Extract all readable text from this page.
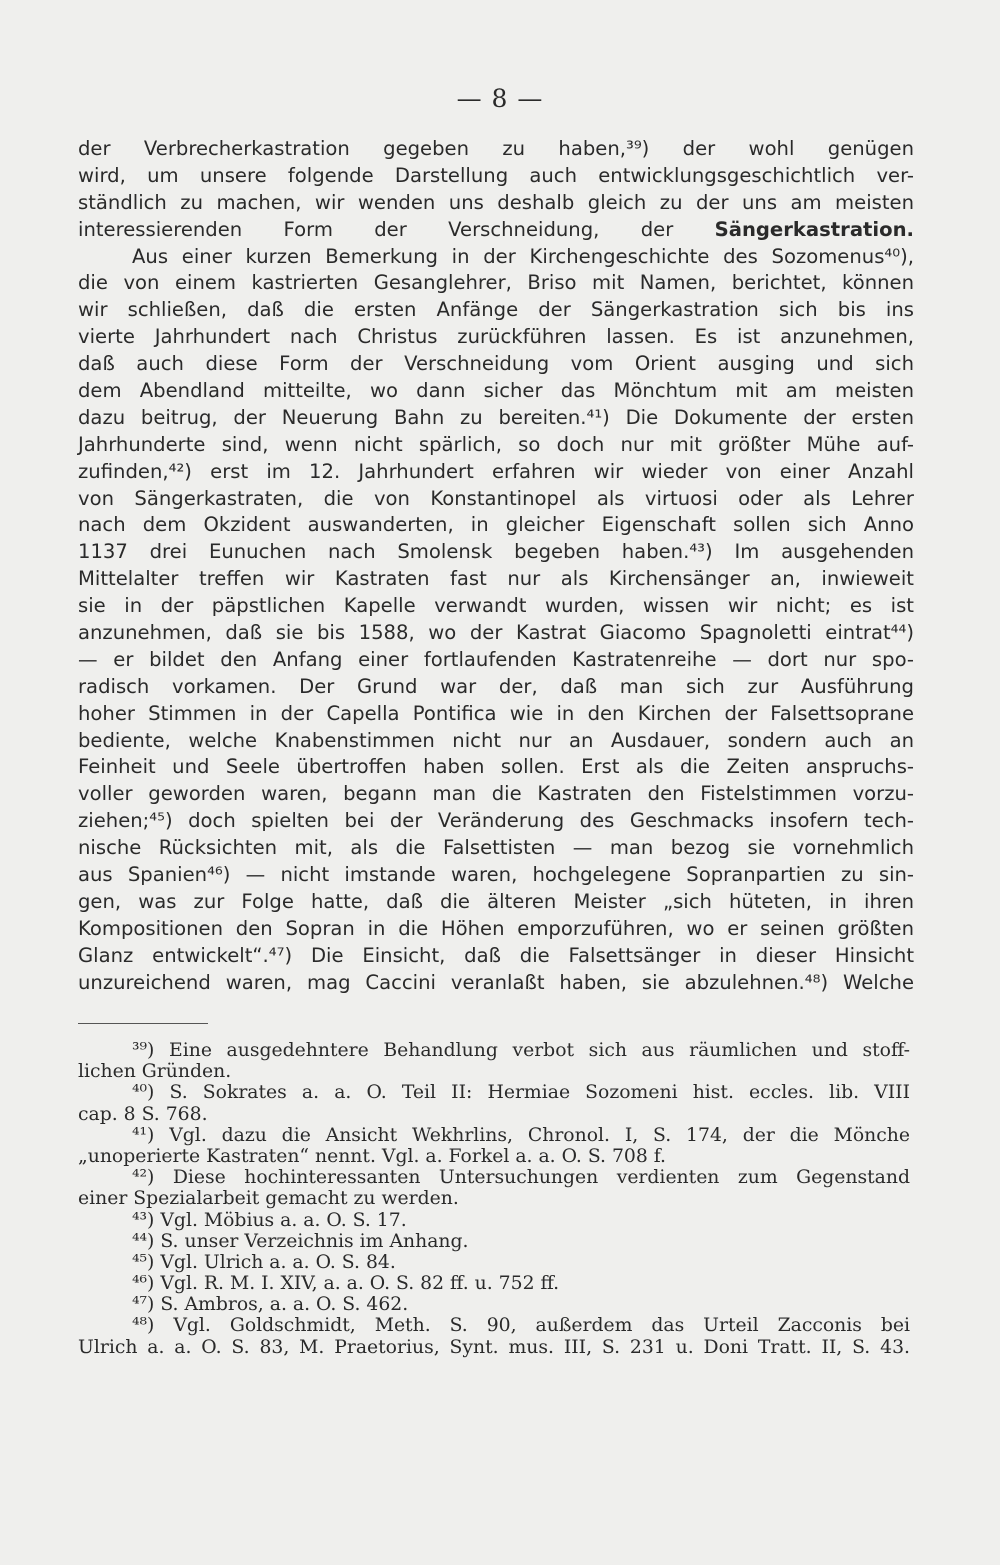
— 8 —
der Verbrecherkastration gegeben zu haben,³⁹) der wohl genügen
wird, um unsere folgende Darstellung auch entwicklungsgeschichtlich ver-
ständlich zu machen, wir wenden uns deshalb gleich zu der uns am meisten
interessierenden Form der Verschneidung, der Sängerkastration.
Aus einer kurzen Bemerkung in der Kirchengeschichte des Sozomenus⁴⁰),
die von einem kastrierten Gesanglehrer, Briso mit Namen, berichtet, können
wir schließen, daß die ersten Anfänge der Sängerkastration sich bis ins
vierte Jahrhundert nach Christus zurückführen lassen. Es ist anzunehmen,
daß auch diese Form der Verschneidung vom Orient ausging und sich
dem Abendland mitteilte, wo dann sicher das Mönchtum mit am meisten
dazu beitrug, der Neuerung Bahn zu bereiten.⁴¹) Die Dokumente der ersten
Jahrhunderte sind, wenn nicht spärlich, so doch nur mit größter Mühe auf-
zufinden,⁴²) erst im 12. Jahrhundert erfahren wir wieder von einer Anzahl
von Sängerkastraten, die von Konstantinopel als virtuosi oder als Lehrer
nach dem Okzident auswanderten, in gleicher Eigenschaft sollen sich Anno
1137 drei Eunuchen nach Smolensk begeben haben.⁴³) Im ausgehenden
Mittelalter treffen wir Kastraten fast nur als Kirchensänger an, inwieweit
sie in der päpstlichen Kapelle verwandt wurden, wissen wir nicht; es ist
anzunehmen, daß sie bis 1588, wo der Kastrat Giacomo Spagnoletti eintrat⁴⁴)
— er bildet den Anfang einer fortlaufenden Kastratenreihe — dort nur spo-
radisch vorkamen. Der Grund war der, daß man sich zur Ausführung
hoher Stimmen in der Capella Pontifica wie in den Kirchen der Falsettsoprane
bediente, welche Knabenstimmen nicht nur an Ausdauer, sondern auch an
Feinheit und Seele übertroffen haben sollen. Erst als die Zeiten anspruchs-
voller geworden waren, begann man die Kastraten den Fistelstimmen vorzu-
ziehen;⁴⁵) doch spielten bei der Veränderung des Geschmacks insofern tech-
nische Rücksichten mit, als die Falsettisten — man bezog sie vornehmlich
aus Spanien⁴⁶) — nicht imstande waren, hochgelegene Sopranpartien zu sin-
gen, was zur Folge hatte, daß die älteren Meister „sich hüteten, in ihren
Kompositionen den Sopran in die Höhen emporzuführen, wo er seinen größten
Glanz entwickelt“.⁴⁷) Die Einsicht, daß die Falsettsänger in dieser Hinsicht
unzureichend waren, mag Caccini veranlaßt haben, sie abzulehnen.⁴⁸) Welche
³⁹) Eine ausgedehntere Behandlung verbot sich aus räumlichen und stoff-
lichen Gründen.
⁴⁰) S. Sokrates a. a. O. Teil II: Hermiae Sozomeni hist. eccles. lib. VIII
cap. 8 S. 768.
⁴¹) Vgl. dazu die Ansicht Wekhrlins, Chronol. I, S. 174, der die Mönche
„unoperierte Kastraten“ nennt. Vgl. a. Forkel a. a. O. S. 708 f.
⁴²) Diese hochinteressanten Untersuchungen verdienten zum Gegenstand
einer Spezialarbeit gemacht zu werden.
⁴³) Vgl. Möbius a. a. O. S. 17.
⁴⁴) S. unser Verzeichnis im Anhang.
⁴⁵) Vgl. Ulrich a. a. O. S. 84.
⁴⁶) Vgl. R. M. I. XIV, a. a. O. S. 82 ff. u. 752 ff.
⁴⁷) S. Ambros, a. a. O. S. 462.
⁴⁸) Vgl. Goldschmidt, Meth. S. 90, außerdem das Urteil Zacconis bei
Ulrich a. a. O. S. 83, M. Praetorius, Synt. mus. III, S. 231 u. Doni Tratt. II, S. 43.
